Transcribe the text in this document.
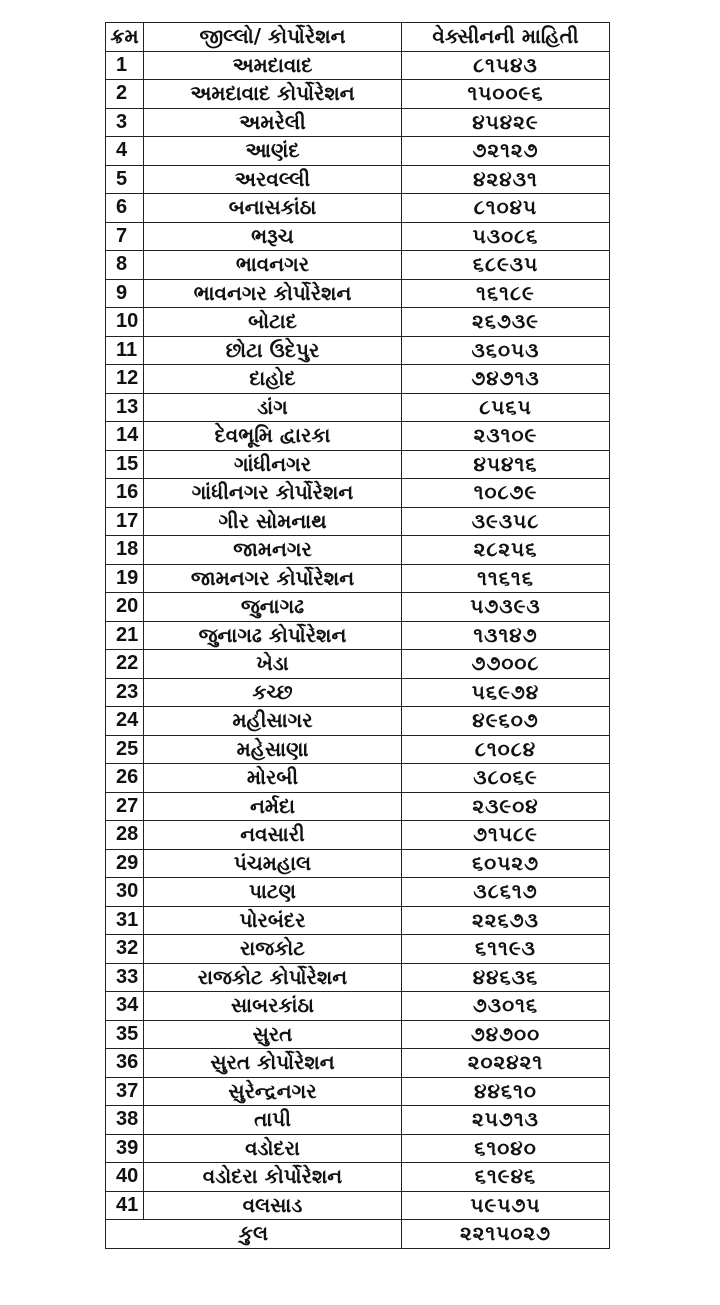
ક્રમ	જીલ્લો/ કોર્પોરેશન	વેક્સીનની માહિતી
1	અમદાવાદ	૮૧૫૪૩
2	અમદાવાદ કોર્પોરેશન	૧૫૦૦૯૬
3	અમરેલી	૪૫૪૨૯
4	આણંદ	૭૨૧૨૭
5	અરવલ્લી	૪૨૪૩૧
6	બનાસકાંઠા	૮૧૦૪૫
7	ભરૂચ	૫૩૦૮૬
8	ભાવનગર	૬૮૯૩૫
9	ભાવનગર કોર્પોરેશન	૧૬૧૮૯
10	બોટાદ	૨૬૭૩૯
11	છોટા ઉદેપુર	૩૬૦૫૩
12	દાહોદ	૭૪૭૧૩
13	ડાંગ	૮૫૬૫
14	દેવભૂમિ દ્વારકા	૨૩૧૦૯
15	ગાંધીનગર	૪૫૪૧૬
16	ગાંધીનગર કોર્પોરેશન	૧૦૮૭૯
17	ગીર સોમનાથ	૩૯૩૫૮
18	જામનગર	૨૮૨૫૬
19	જામનગર કોર્પોરેશન	૧૧૬૧૬
20	જુનાગઢ	૫૭૩૯૩
21	જુનાગઢ કોર્પોરેશન	૧૩૧૪૭
22	ખેડા	૭૭૦૦૮
23	કચ્છ	૫૬૯૭૪
24	મહીસાગર	૪૯૬૦૭
25	મહેસાણા	૮૧૦૮૪
26	મોરબી	૩૮૦૬૯
27	નર્મદા	૨૩૯૦૪
28	નવસારી	૭૧૫૮૯
29	પંચમહાલ	૬૦૫૨૭
30	પાટણ	૩૮૬૧૭
31	પોરબંદર	૨૨૬૭૩
32	રાજકોટ	૬૧૧૯૩
33	રાજકોટ કોર્પોરેશન	૪૪૬૩૬
34	સાબરકાંઠા	૭૩૦૧૬
35	સુરત	૭૪૭૦૦
36	સુરત કોર્પોરેશન	૨૦૨૪૨૧
37	સુરેન્દ્રનગર	૪૪૬૧૦
38	તાપી	૨૫૭૧૩
39	વડોદરા	૬૧૦૪૦
40	વડોદરા કોર્પોરેશન	૬૧૯૪૬
41	વલસાડ	૫૯૫૭૫
કુલ		૨૨૧૫૦૨૭
